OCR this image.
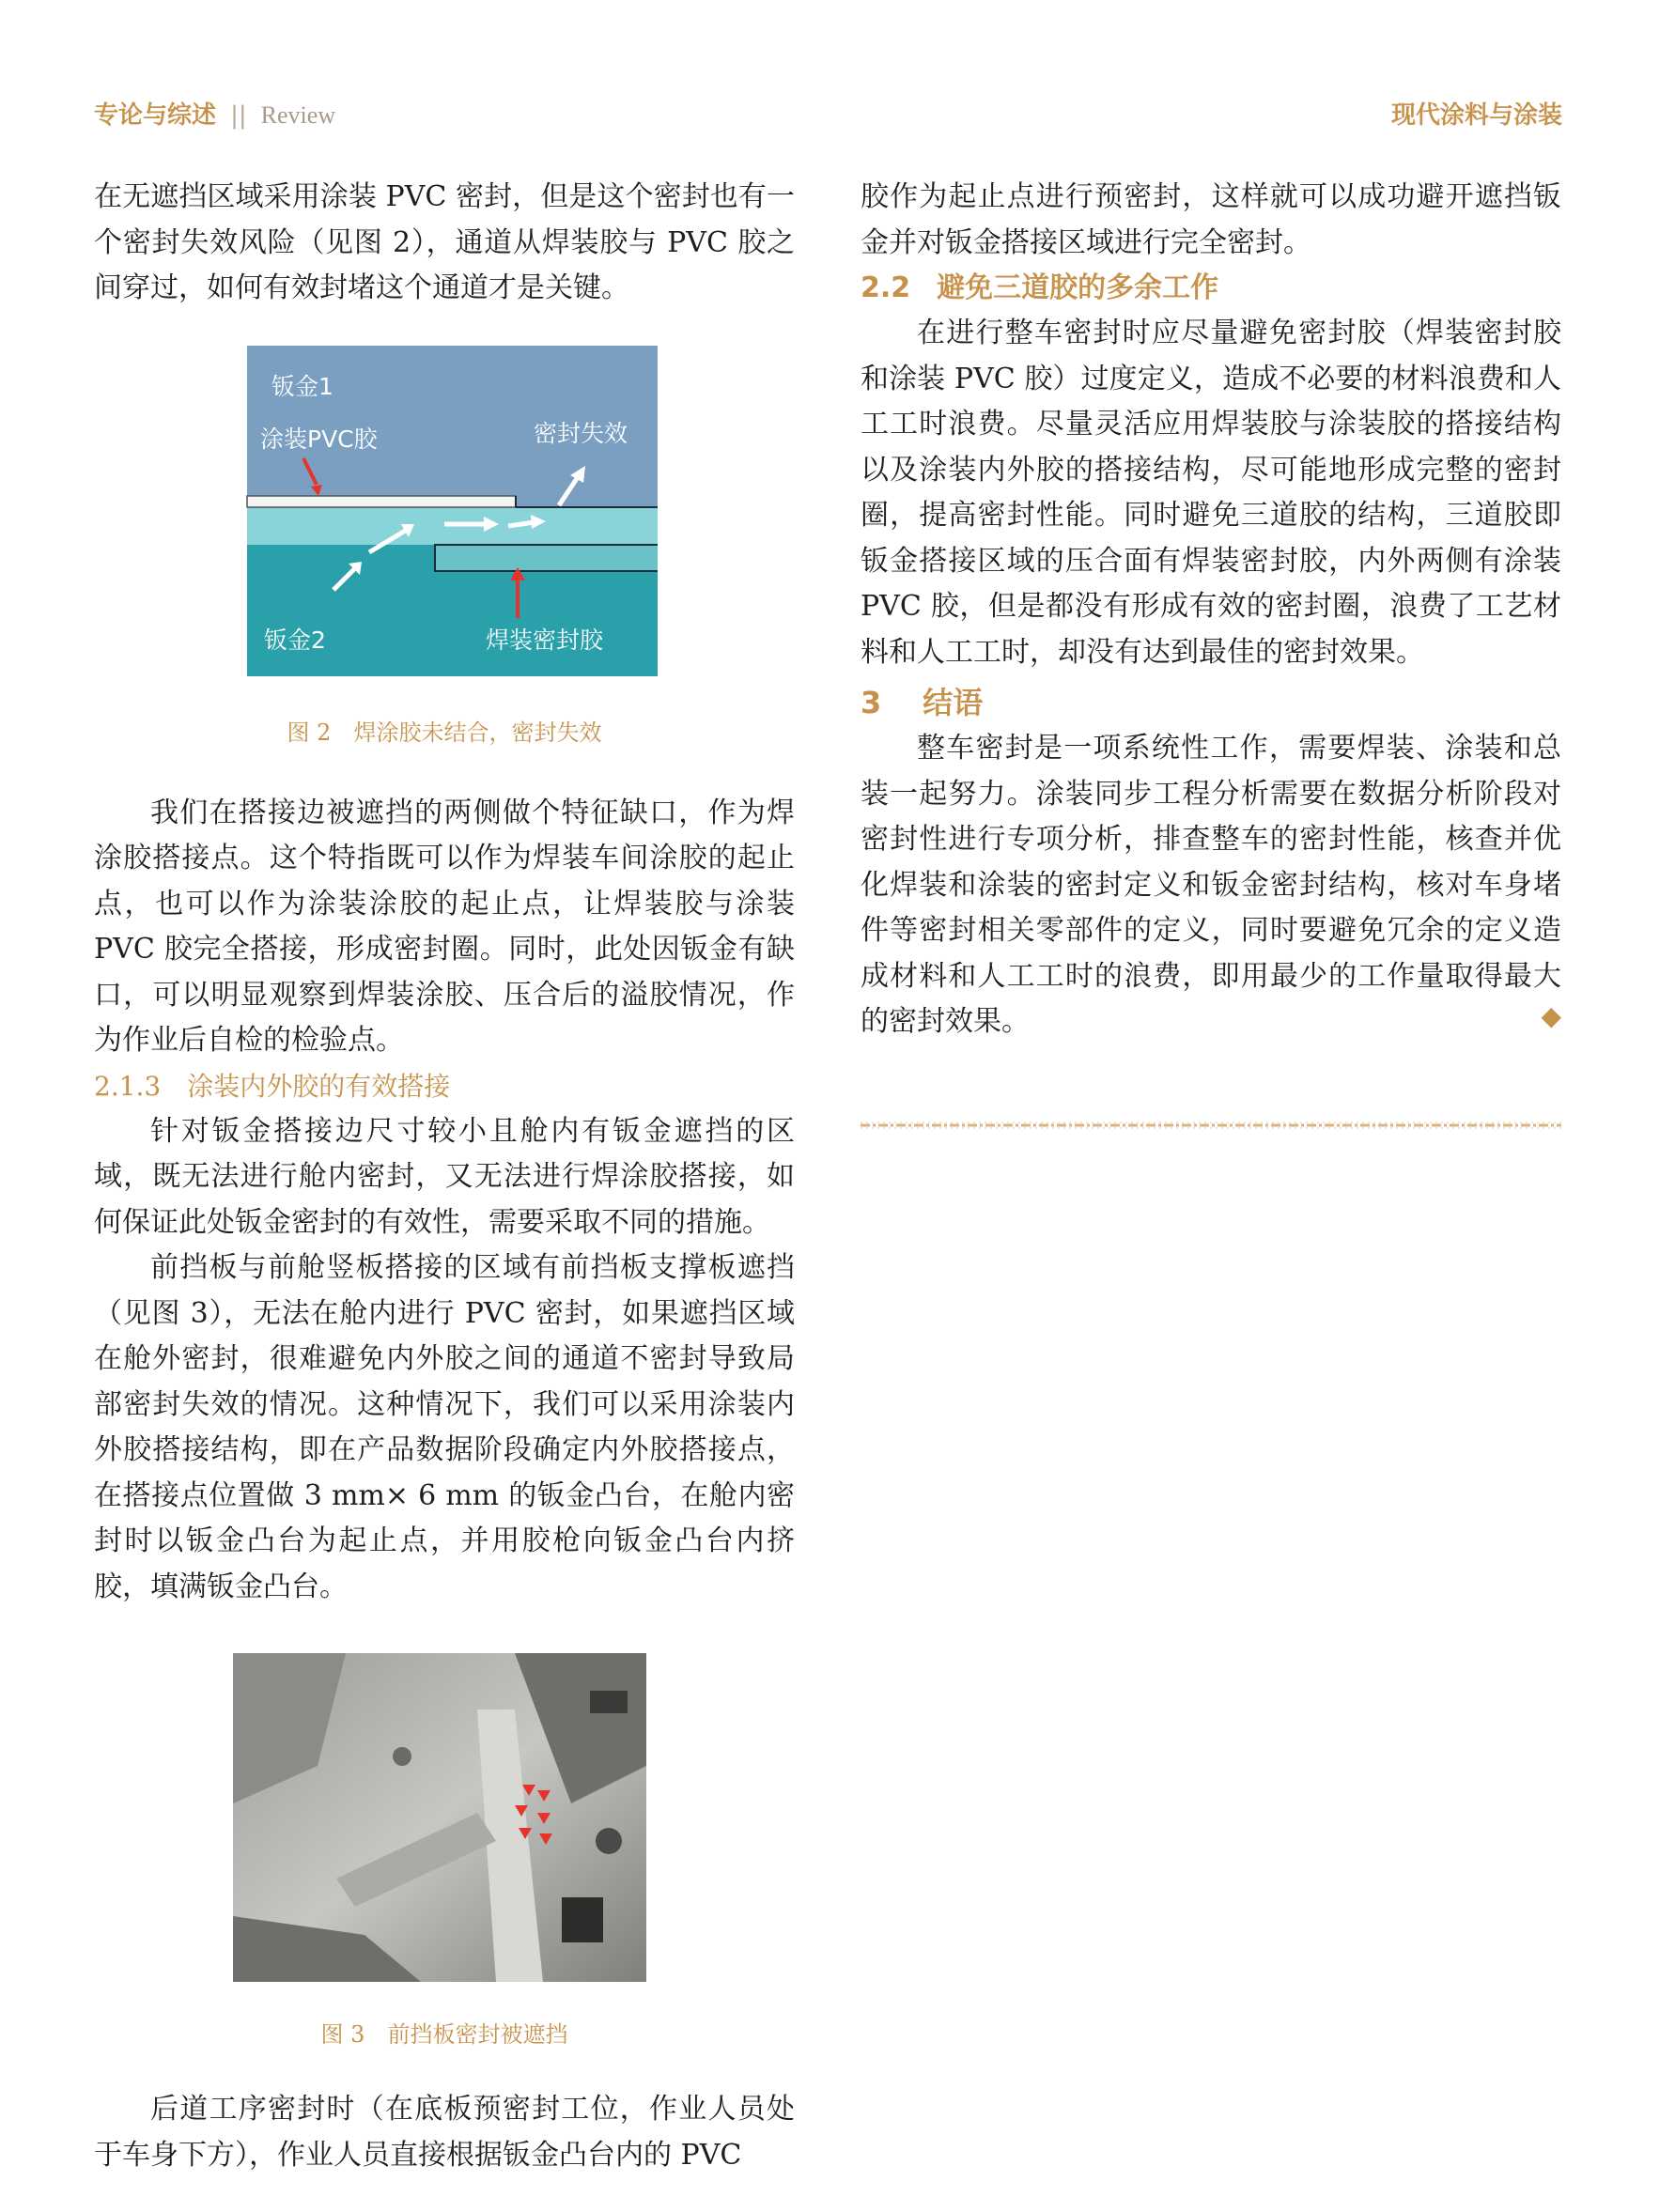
专论与综述 || Review	现代涂料与涂装

在无遮挡区域采用涂装 PVC 密封，但是这个密封也有一个密封失效风险（见图 2），通道从焊装胶与 PVC 胶之间穿过，如何有效封堵这个通道才是关键。

钣金1
涂装PVC胶	密封失效
钣金2	焊装密封胶
图 2　焊涂胶未结合，密封失效

我们在搭接边被遮挡的两侧做个特征缺口，作为焊涂胶搭接点。这个特指既可以作为焊装车间涂胶的起止点，也可以作为涂装涂胶的起止点，让焊装胶与涂装 PVC 胶完全搭接，形成密封圈。同时，此处因钣金有缺口，可以明显观察到焊装涂胶、压合后的溢胶情况，作为作业后自检的检验点。

2.1.3　涂装内外胶的有效搭接

针对钣金搭接边尺寸较小且舱内有钣金遮挡的区域，既无法进行舱内密封，又无法进行焊涂胶搭接，如何保证此处钣金密封的有效性，需要采取不同的措施。

前挡板与前舱竖板搭接的区域有前挡板支撑板遮挡（见图 3），无法在舱内进行 PVC 密封，如果遮挡区域在舱外密封，很难避免内外胶之间的通道不密封导致局部密封失效的情况。这种情况下，我们可以采用涂装内外胶搭接结构，即在产品数据阶段确定内外胶搭接点，在搭接点位置做 3 mm× 6 mm 的钣金凸台，在舱内密封时以钣金凸台为起止点，并用胶枪向钣金凸台内挤胶，填满钣金凸台。

图 3　前挡板密封被遮挡

后道工序密封时（在底板预密封工位，作业人员处于车身下方），作业人员直接根据钣金凸台内的 PVC

胶作为起止点进行预密封，这样就可以成功避开遮挡钣金并对钣金搭接区域进行完全密封。

2.2 避免三道胶的多余工作

在进行整车密封时应尽量避免密封胶（焊装密封胶和涂装 PVC 胶）过度定义，造成不必要的材料浪费和人工工时浪费。尽量灵活应用焊装胶与涂装胶的搭接结构以及涂装内外胶的搭接结构，尽可能地形成完整的密封圈，提高密封性能。同时避免三道胶的结构，三道胶即钣金搭接区域的压合面有焊装密封胶，内外两侧有涂装 PVC 胶，但是都没有形成有效的密封圈，浪费了工艺材料和人工工时，却没有达到最佳的密封效果。

3 结语

整车密封是一项系统性工作，需要焊装、涂装和总装一起努力。涂装同步工程分析需要在数据分析阶段对密封性进行专项分析，排查整车的密封性能，核查并优化焊装和涂装的密封定义和钣金密封结构，核对车身堵件等密封相关零部件的定义，同时要避免冗余的定义造成材料和人工工时的浪费，即用最少的工作量取得最大的密封效果。	◆
